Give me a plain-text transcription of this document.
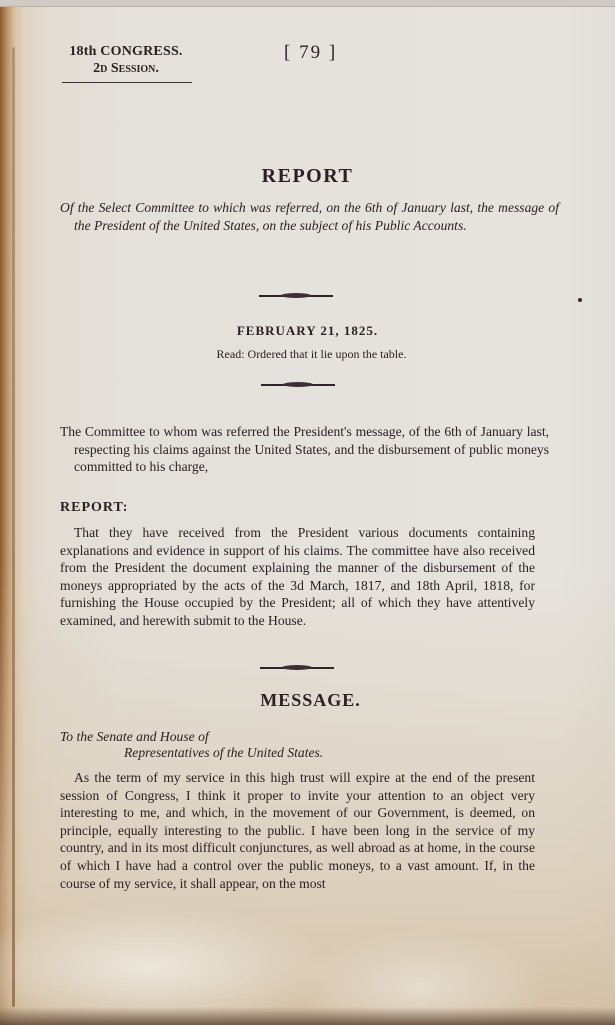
18th CONGRESS.
2d Session.
[ 79 ]
REPORT
Of the Select Committee to which was referred, on the 6th of January last, the message of the President of the United States, on the subject of his Public Accounts.
FEBRUARY 21, 1825.
Read: Ordered that it lie upon the table.
The Committee to whom was referred the President's message, of the 6th of January last, respecting his claims against the United States, and the disbursement of public moneys committed to his charge,
REPORT:
That they have received from the President various documents containing explanations and evidence in support of his claims. The committee have also received from the President the document explaining the manner of the disbursement of the moneys appropriated by the acts of the 3d March, 1817, and 18th April, 1818, for furnishing the House occupied by the President; all of which they have attentively examined, and herewith submit to the House.
MESSAGE.
To the Senate and House of
Representatives of the United States.
As the term of my service in this high trust will expire at the end of the present session of Congress, I think it proper to invite your attention to an object very interesting to me, and which, in the movement of our Government, is deemed, on principle, equally interesting to the public. I have been long in the service of my country, and in its most difficult conjunctures, as well abroad as at home, in the course of which I have had a control over the public moneys, to a vast amount. If, in the course of my service, it shall appear, on the most
